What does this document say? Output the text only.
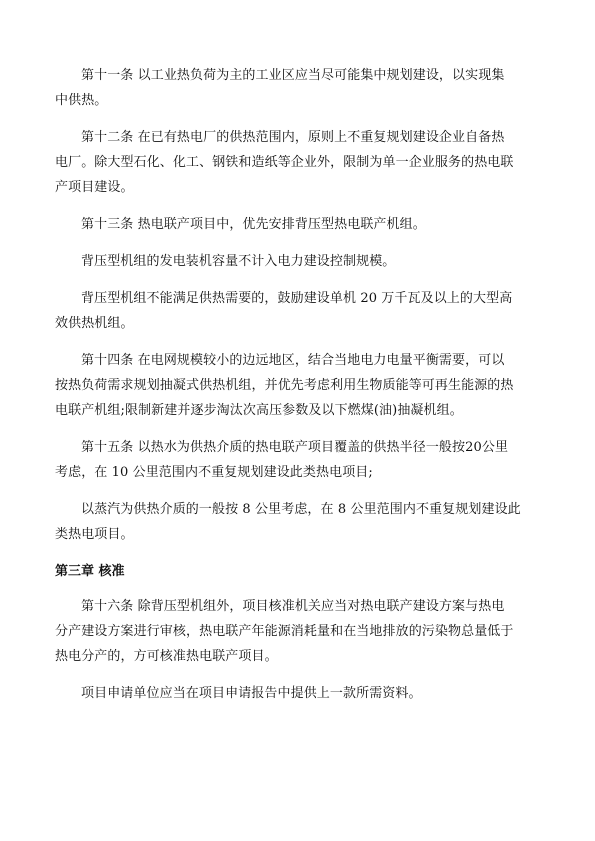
第十一条 以工业热负荷为主的工业区应当尽可能集中规划建设，以实现集
中供热。

第十二条 在已有热电厂的供热范围内，原则上不重复规划建设企业自备热
电厂。除大型石化、化工、钢铁和造纸等企业外，限制为单一企业服务的热电联
产项目建设。

第十三条 热电联产项目中，优先安排背压型热电联产机组。

背压型机组的发电装机容量不计入电力建设控制规模。

背压型机组不能满足供热需要的，鼓励建设单机 20 万千瓦及以上的大型高
效供热机组。

第十四条 在电网规模较小的边远地区，结合当地电力电量平衡需要，可以
按热负荷需求规划抽凝式供热机组，并优先考虑利用生物质能等可再生能源的热
电联产机组;限制新建并逐步淘汰次高压参数及以下燃煤(油)抽凝机组。

第十五条 以热水为供热介质的热电联产项目覆盖的供热半径一般按20公里
考虑，在 10 公里范围内不重复规划建设此类热电项目;

以蒸汽为供热介质的一般按 8 公里考虑，在 8 公里范围内不重复规划建设此
类热电项目。

第三章 核准

第十六条 除背压型机组外，项目核准机关应当对热电联产建设方案与热电
分产建设方案进行审核，热电联产年能源消耗量和在当地排放的污染物总量低于
热电分产的，方可核准热电联产项目。

项目申请单位应当在项目申请报告中提供上一款所需资料。
